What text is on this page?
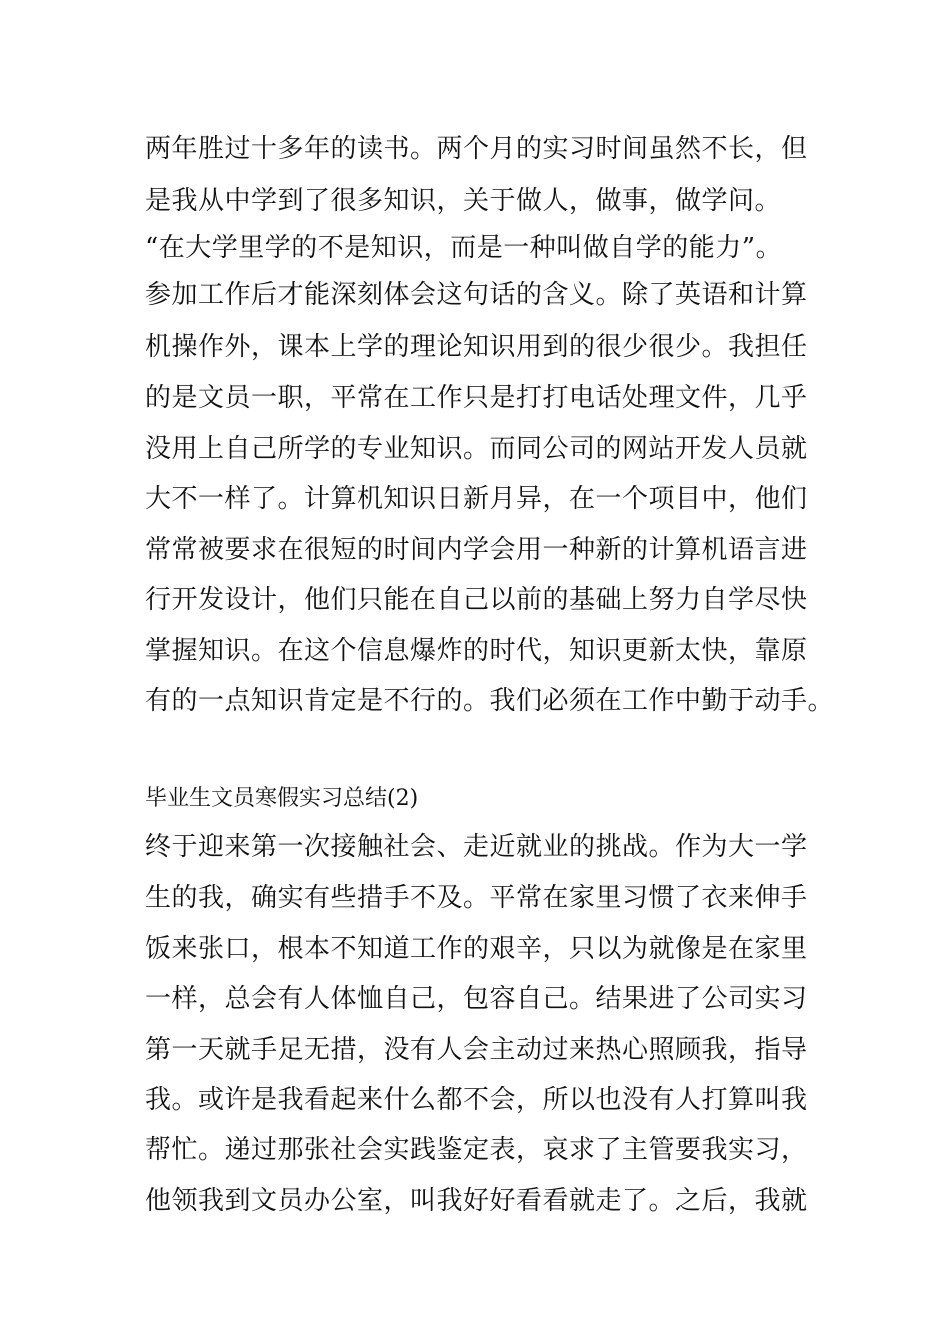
两年胜过十多年的读书。两个月的实习时间虽然不长，但
是我从中学到了很多知识，关于做人，做事，做学问。
“在大学里学的不是知识，而是一种叫做自学的能力”。
参加工作后才能深刻体会这句话的含义。除了英语和计算
机操作外，课本上学的理论知识用到的很少很少。我担任
的是文员一职，平常在工作只是打打电话处理文件，几乎
没用上自己所学的专业知识。而同公司的网站开发人员就
大不一样了。计算机知识日新月异，在一个项目中，他们
常常被要求在很短的时间内学会用一种新的计算机语言进
行开发设计，他们只能在自己以前的基础上努力自学尽快
掌握知识。在这个信息爆炸的时代，知识更新太快，靠原
有的一点知识肯定是不行的。我们必须在工作中勤于动手。
毕业生文员寒假实习总结(2)
终于迎来第一次接触社会、走近就业的挑战。作为大一学
生的我，确实有些措手不及。平常在家里习惯了衣来伸手
饭来张口，根本不知道工作的艰辛，只以为就像是在家里
一样，总会有人体恤自己，包容自己。结果进了公司实习
第一天就手足无措，没有人会主动过来热心照顾我，指导
我。或许是我看起来什么都不会，所以也没有人打算叫我
帮忙。递过那张社会实践鉴定表，哀求了主管要我实习，
他领我到文员办公室，叫我好好看看就走了。之后，我就
